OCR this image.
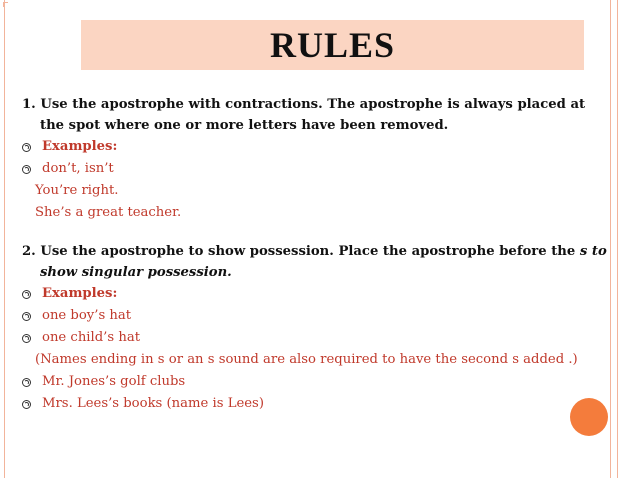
RULES
1. Use the apostrophe with contractions. The apostrophe is always placed at the spot where one or more letters have been removed.
Examples:
don’t, isn’t
You’re right.
She’s a great teacher.
2. Use the apostrophe to show possession. Place the apostrophe before the s to show singular possession.
Examples:
one boy’s hat
one child’s hat
(Names ending in s or an s sound are also required to have the second s added .)
Mr. Jones’s golf clubs
Mrs. Lees’s books (name is Lees)
